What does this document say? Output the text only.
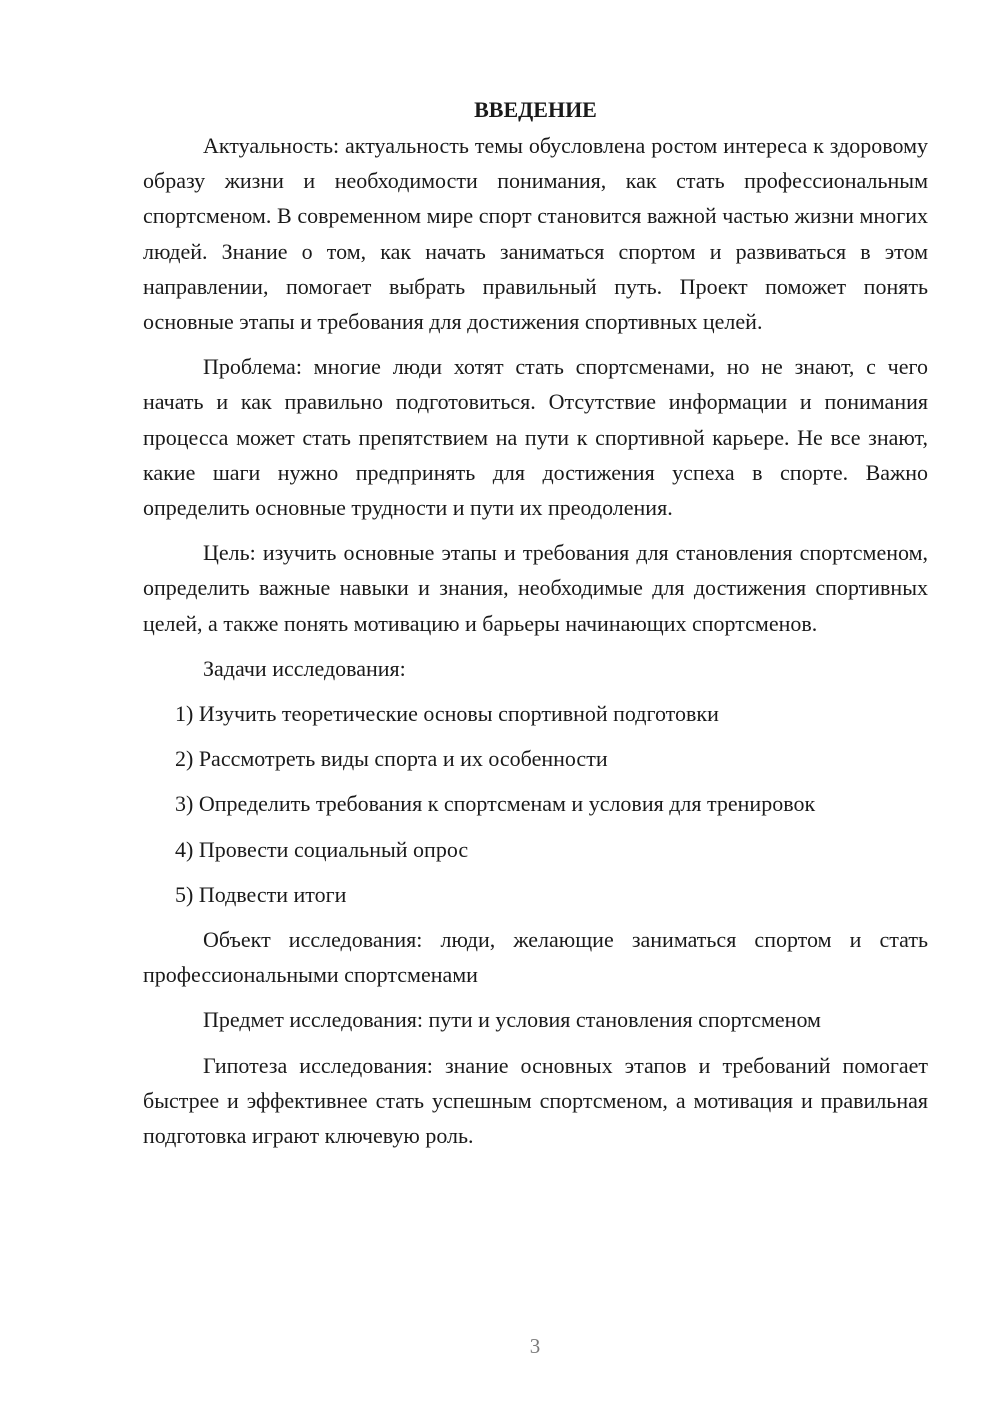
ВВЕДЕНИЕ

Актуальность: актуальность темы обусловлена ростом интереса к здоровому образу жизни и необходимости понимания, как стать профессиональным спортсменом. В современном мире спорт становится важной частью жизни многих людей. Знание о том, как начать заниматься спортом и развиваться в этом направлении, помогает выбрать правильный путь. Проект поможет понять основные этапы и требования для достижения спортивных целей.

Проблема: многие люди хотят стать спортсменами, но не знают, с чего начать и как правильно подготовиться. Отсутствие информации и понимания процесса может стать препятствием на пути к спортивной карьере. Не все знают, какие шаги нужно предпринять для достижения успеха в спорте. Важно определить основные трудности и пути их преодоления.

Цель: изучить основные этапы и требования для становления спортсменом, определить важные навыки и знания, необходимые для достижения спортивных целей, а также понять мотивацию и барьеры начинающих спортсменов.

Задачи исследования:

1) Изучить теоретические основы спортивной подготовки
2) Рассмотреть виды спорта и их особенности
3) Определить требования к спортсменам и условия для тренировок
4) Провести социальный опрос
5) Подвести итоги

Объект исследования: люди, желающие заниматься спортом и стать профессиональными спортсменами

Предмет исследования: пути и условия становления спортсменом

Гипотеза исследования: знание основных этапов и требований помогает быстрее и эффективнее стать успешным спортсменом, а мотивация и правильная подготовка играют ключевую роль.

3
